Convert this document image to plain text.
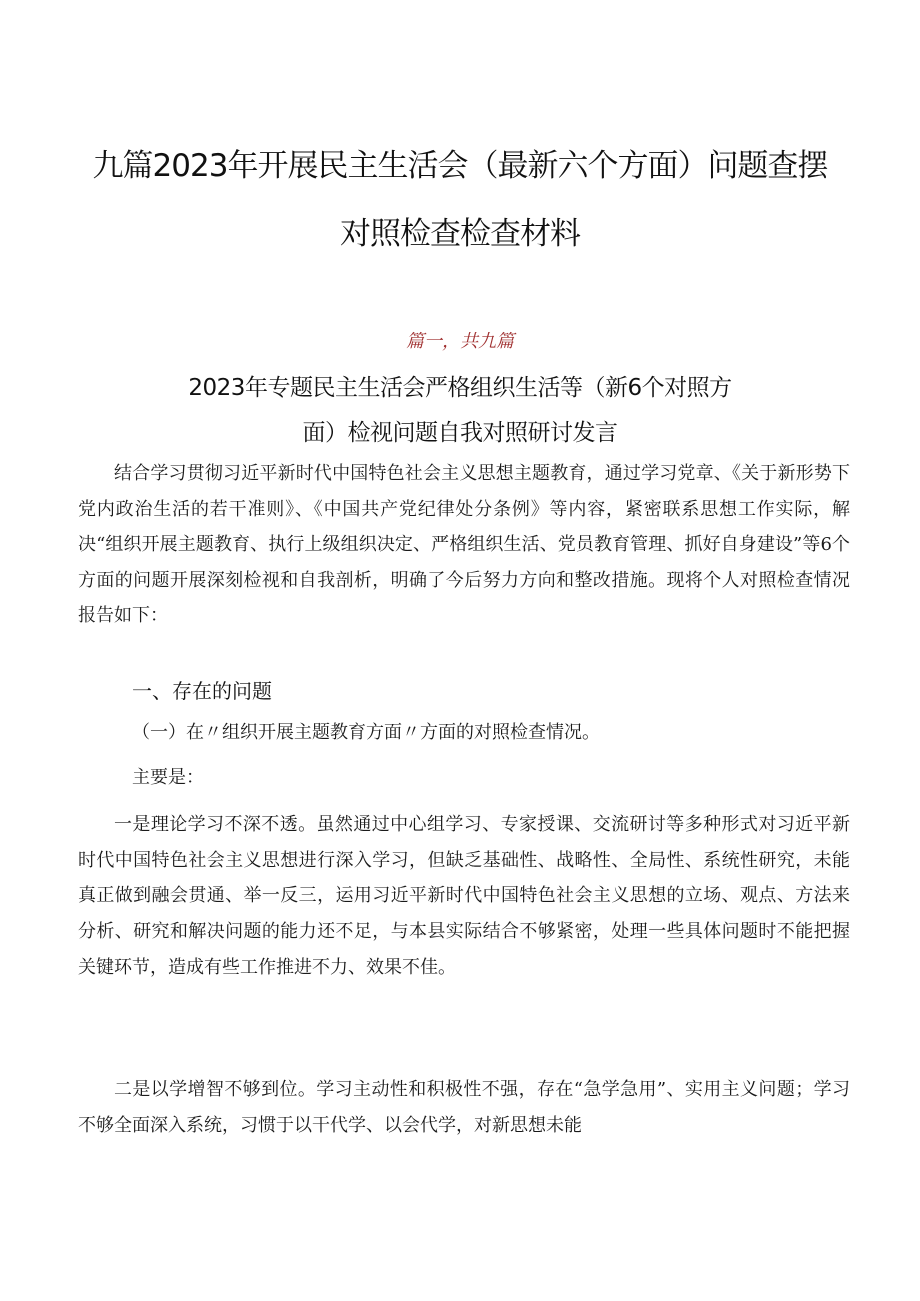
九篇2023年开展民主生活会（最新六个方面）问题查摆
对照检查检查材料
篇一，共九篇
2023年专题民主生活会严格组织生活等（新6个对照方
面）检视问题自我对照研讨发言

结合学习贯彻习近平新时代中国特色社会主义思想主题教育，通过学习党章、《关于新形势下党内政治生活的若干准则》、《中国共产党纪律处分条例》等内容，紧密联系思想工作实际，解决“组织开展主题教育、执行上级组织决定、严格组织生活、党员教育管理、抓好自身建设”等6个方面的问题开展深刻检视和自我剖析，明确了今后努力方向和整改措施。现将个人对照检查情况报告如下：

一、存在的问题
（一）在〃组织开展主题教育方面〃方面的对照检查情况。
主要是：

一是理论学习不深不透。虽然通过中心组学习、专家授课、交流研讨等多种形式对习近平新时代中国特色社会主义思想进行深入学习，但缺乏基础性、战略性、全局性、系统性研究，未能真正做到融会贯通、举一反三，运用习近平新时代中国特色社会主义思想的立场、观点、方法来分析、研究和解决问题的能力还不足，与本县实际结合不够紧密，处理一些具体问题时不能把握关键环节，造成有些工作推进不力、效果不佳。

二是以学增智不够到位。学习主动性和积极性不强，存在“急学急用”、实用主义问题；学习不够全面深入系统，习惯于以干代学、以会代学，对新思想未能
